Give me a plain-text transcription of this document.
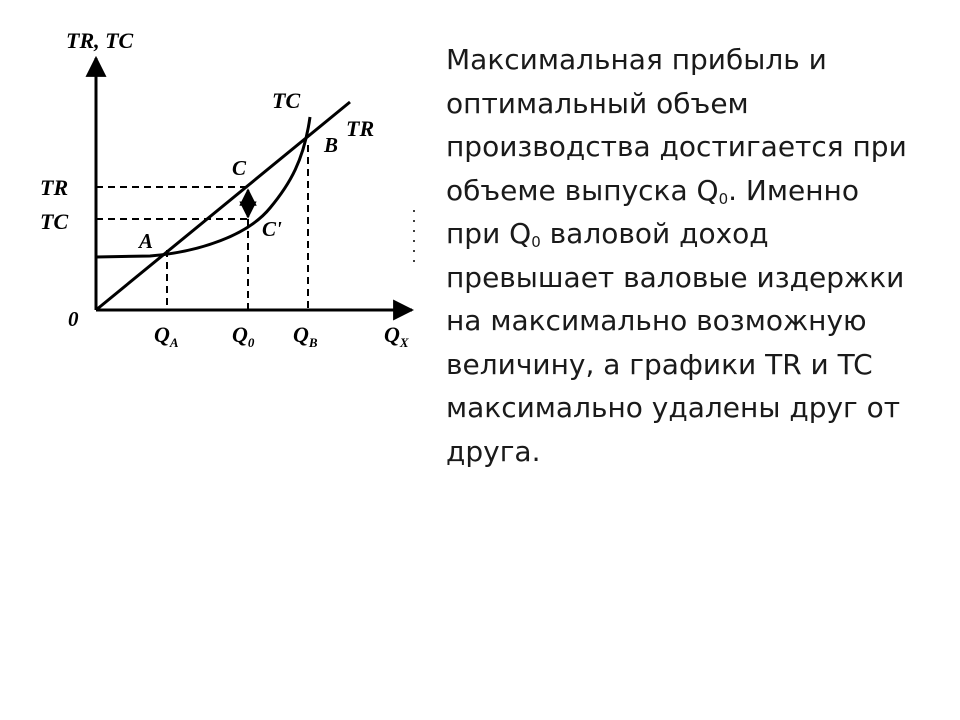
TR, TC
0
TR
TC
TC
TR
A
B
C
C'
$Q_A$ $Q_0$ $Q_B$	$Q_X$

Максимальная прибыль и

оптимальный объем

производства достигается при

объеме выпуска $Q_0$. Именно

при $Q_0$ валовой доход

превышает валовые издержки

на максимально возможную

величину, а графики TR и TC

максимально удалены друг от

друга.
